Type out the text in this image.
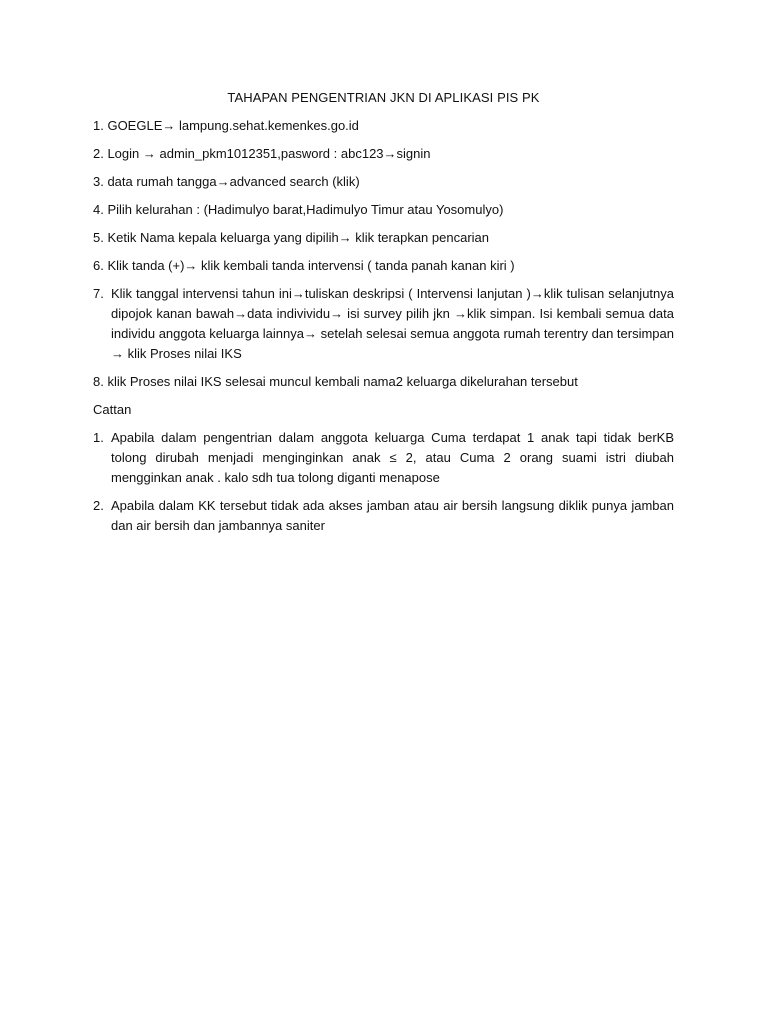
TAHAPAN PENGENTRIAN JKN DI APLIKASI PIS PK
1. GOEGLE→ lampung.sehat.kemenkes.go.id
2. Login → admin_pkm1012351,pasword : abc123→signin
3. data rumah tangga→advanced search (klik)
4. Pilih kelurahan : (Hadimulyo barat,Hadimulyo Timur atau Yosomulyo)
5. Ketik Nama kepala keluarga yang dipilih→ klik terapkan pencarian
6. Klik tanda (+)→ klik kembali tanda intervensi ( tanda panah kanan kiri )
7. Klik tanggal intervensi tahun ini→tuliskan deskripsi ( Intervensi lanjutan )→klik tulisan selanjutnya dipojok kanan bawah→data indivividu→ isi survey pilih jkn →klik simpan. Isi kembali semua data individu anggota keluarga lainnya→ setelah selesai semua anggota rumah terentry dan tersimpan → klik Proses nilai IKS
8. klik Proses nilai IKS selesai muncul kembali nama2 keluarga dikelurahan tersebut
Cattan
1. Apabila dalam pengentrian dalam anggota keluarga Cuma terdapat 1 anak tapi tidak berKB tolong dirubah menjadi menginginkan anak ≤ 2, atau Cuma 2 orang suami istri diubah mengginkan anak . kalo sdh tua tolong diganti menapose
2. Apabila dalam KK tersebut tidak ada akses jamban atau air bersih langsung diklik punya jamban dan air bersih dan jambannya saniter
